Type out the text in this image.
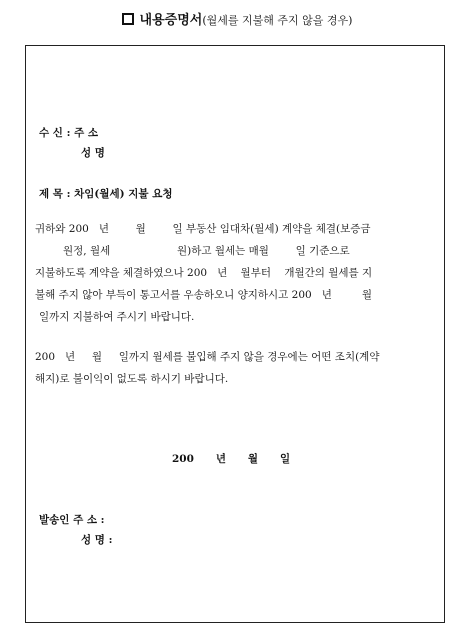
내용증명서(월세를 지불해 주지 않을 경우)
수 신 : 주 소
성 명
제 목 : 차임(월세) 지불 요청
귀하와 200   년        월        일 부동산 임대차(월세) 계약을 체결(보증금
원정, 월세                    원)하고 월세는 매월        일 기준으로
지불하도록 계약을 체결하였으나 200   년    월부터    개월간의 월세를 지
불해 주지 않아 부득이 통고서를 우송하오니 양지하시고 200   년         월
일까지 지불하여 주시기 바랍니다.
200   년     월     일까지 월세를 불입해 주지 않을 경우에는 어떤 조치(계약
해지)로 불이익이 없도록 하시기 바랍니다.
200      년      월      일
발송인 주 소 :
성 명 :
